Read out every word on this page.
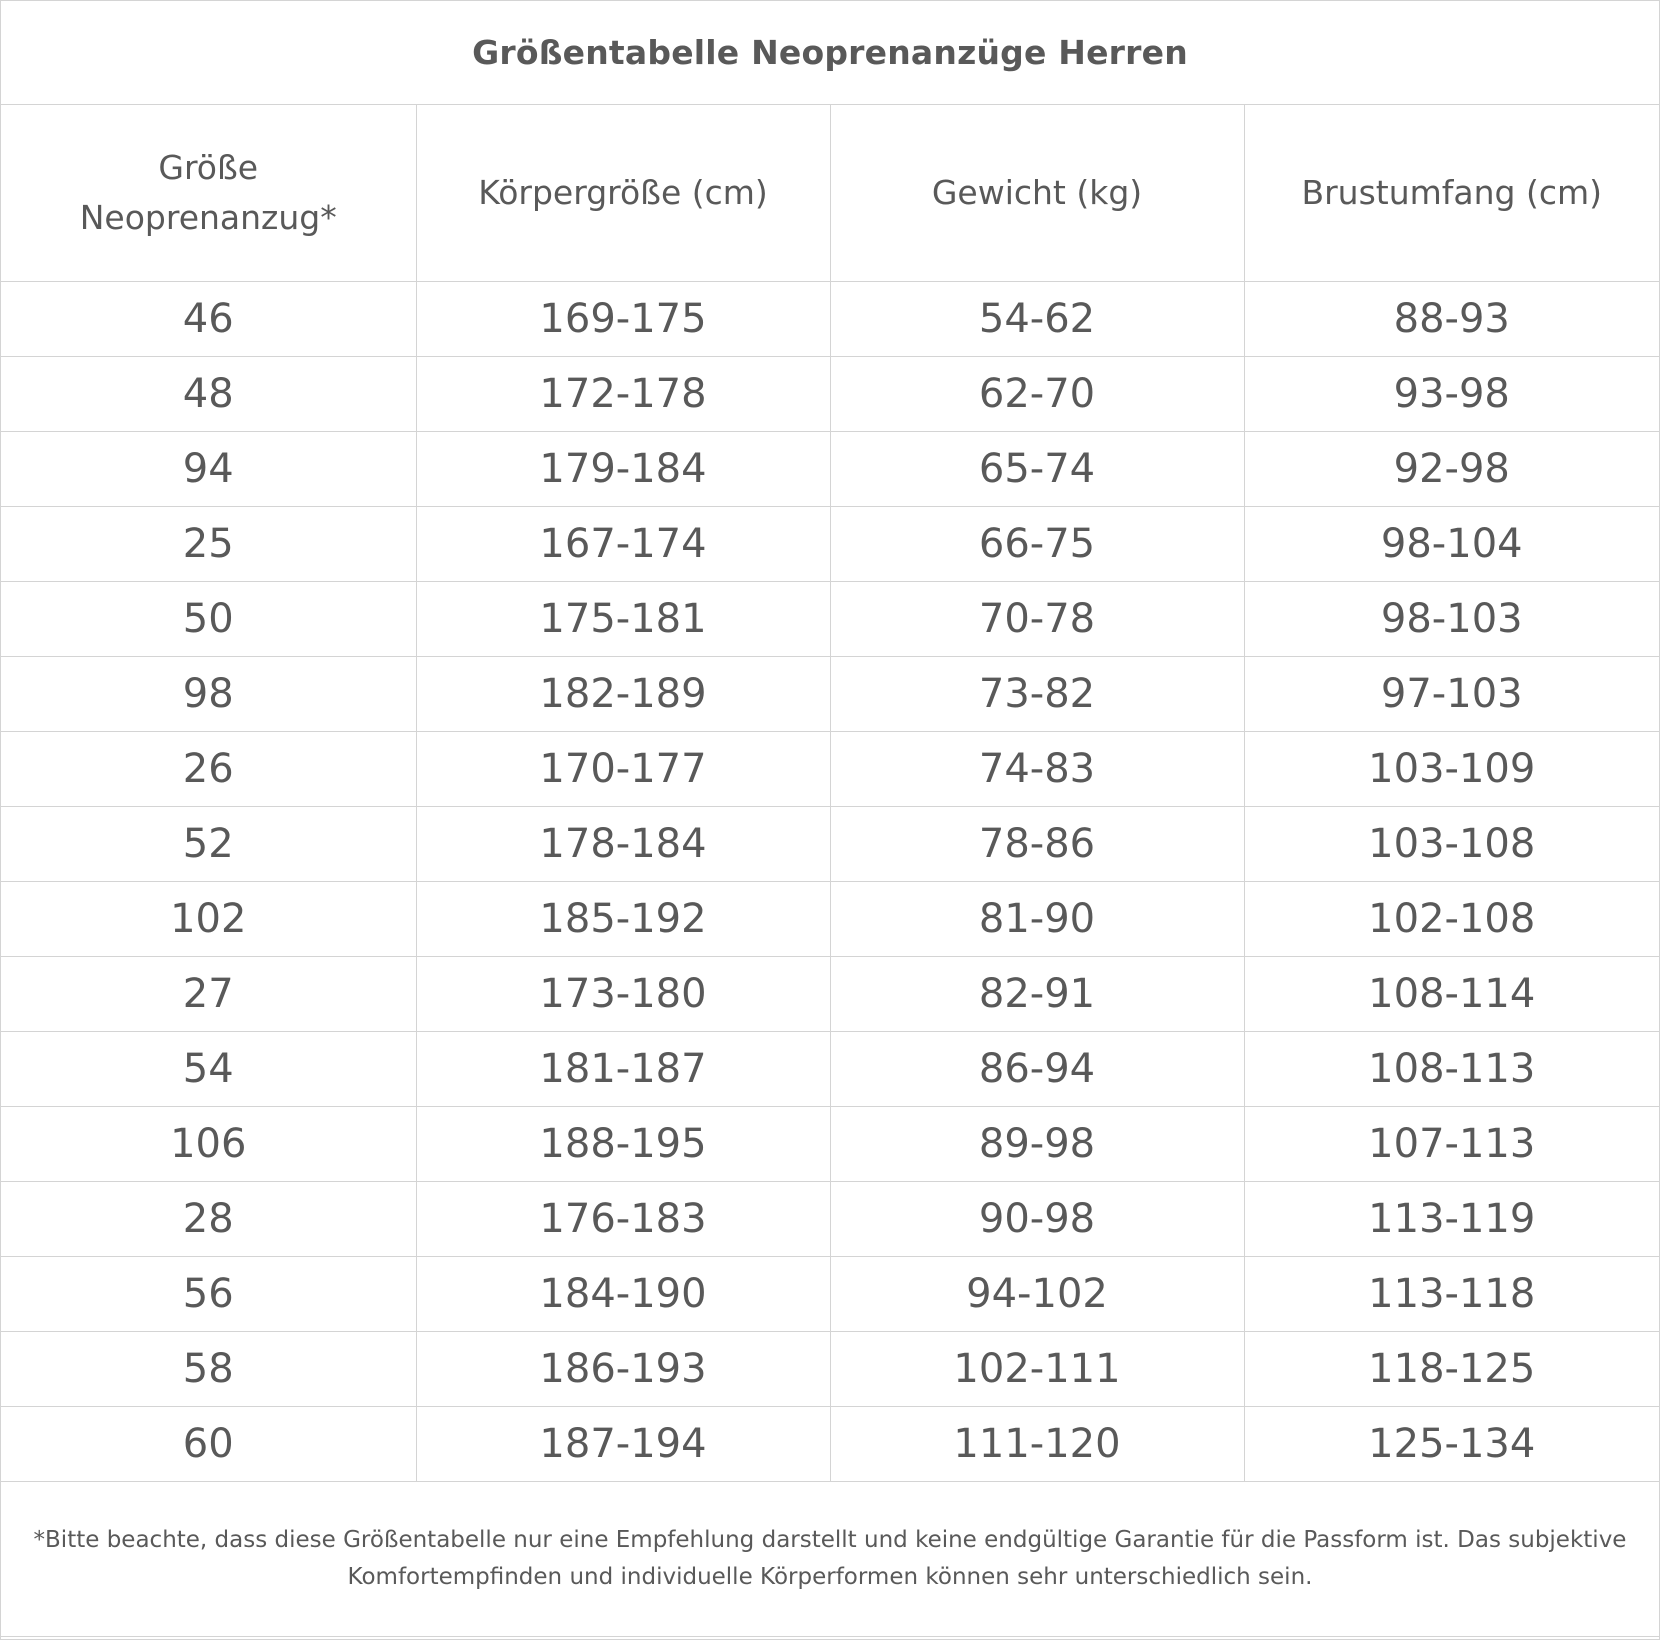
Größentabelle Neoprenanzüge Herren			
Größe
Neoprenanzug*	Körpergröße (cm)	Gewicht (kg)	Brustumfang (cm)
46	169-175	54-62	88-93
48	172-178	62-70	93-98
94	179-184	65-74	92-98
25	167-174	66-75	98-104
50	175-181	70-78	98-103
98	182-189	73-82	97-103
26	170-177	74-83	103-109
52	178-184	78-86	103-108
102	185-192	81-90	102-108
27	173-180	82-91	108-114
54	181-187	86-94	108-113
106	188-195	89-98	107-113
28	176-183	90-98	113-119
56	184-190	94-102	113-118
58	186-193	102-111	118-125
60	187-194	111-120	125-134
*Bitte beachte, dass diese Größentabelle nur eine Empfehlung darstellt und keine endgültige Garantie für die Passform ist. Das subjektive
Komfortempfinden und individuelle Körperformen können sehr unterschiedlich sein.			
